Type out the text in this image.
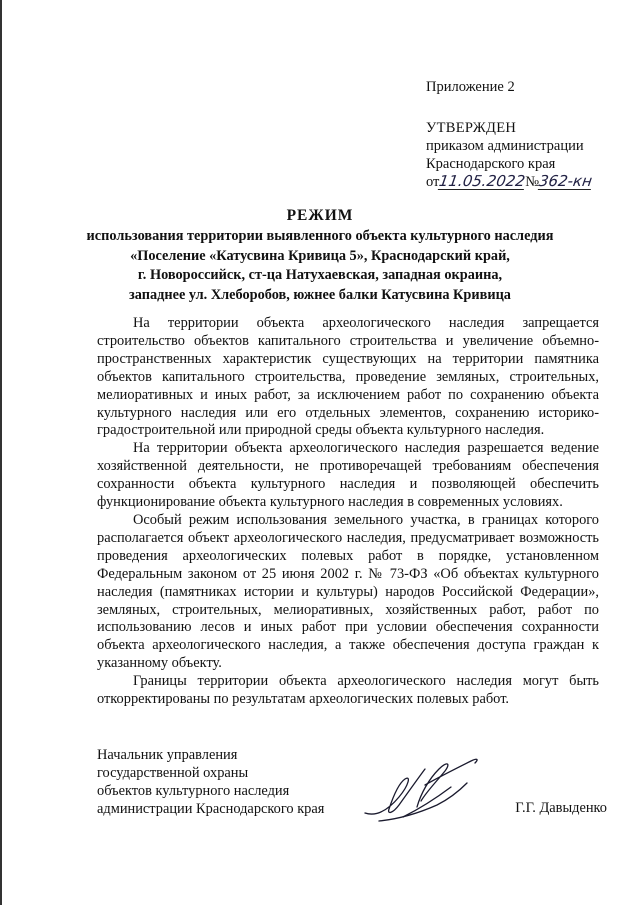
Приложение 2
УТВЕРЖДЕН
приказом администрации
Краснодарского края
от11.05.2022№362-кн
РЕЖИМ
использования территории выявленного объекта культурного наследия
«Поселение «Катусвина Кривица 5», Краснодарский край,
г. Новороссийск, ст-ца Натухаевская, западная окраина,
западнее ул. Хлеборобов, южнее балки Катусвина Кривица

На территории объекта археологического наследия запрещается строительство объектов капитального строительства и увеличение объемно-пространственных характеристик существующих на территории памятника объектов капитального строительства, проведение земляных, строительных, мелиоративных и иных работ, за исключением работ по сохранению объекта культурного наследия или его отдельных элементов, сохранению историко-градостроительной или природной среды объекта культурного наследия.

На территории объекта археологического наследия разрешается ведение хозяйственной деятельности, не противоречащей требованиям обеспечения сохранности объекта культурного наследия и позволяющей обеспечить функционирование объекта культурного наследия в современных условиях.

Особый режим использования земельного участка, в границах которого располагается объект археологического наследия, предусматривает возможность проведения археологических полевых работ в порядке, установленном Федеральным законом от 25 июня 2002 г. № 73-ФЗ «Об объектах культурного наследия (памятниках истории и культуры) народов Российской Федерации», земляных, строительных, мелиоративных, хозяйственных работ, работ по использованию лесов и иных работ при условии обеспечения сохранности объекта археологического наследия, а также обеспечения доступа граждан к указанному объекту.

Границы территории объекта археологического наследия могут быть откорректированы по результатам археологических полевых работ.

Начальник управления
государственной охраны
объектов культурного наследия
администрации Краснодарского края	Г.Г. Давыденко
